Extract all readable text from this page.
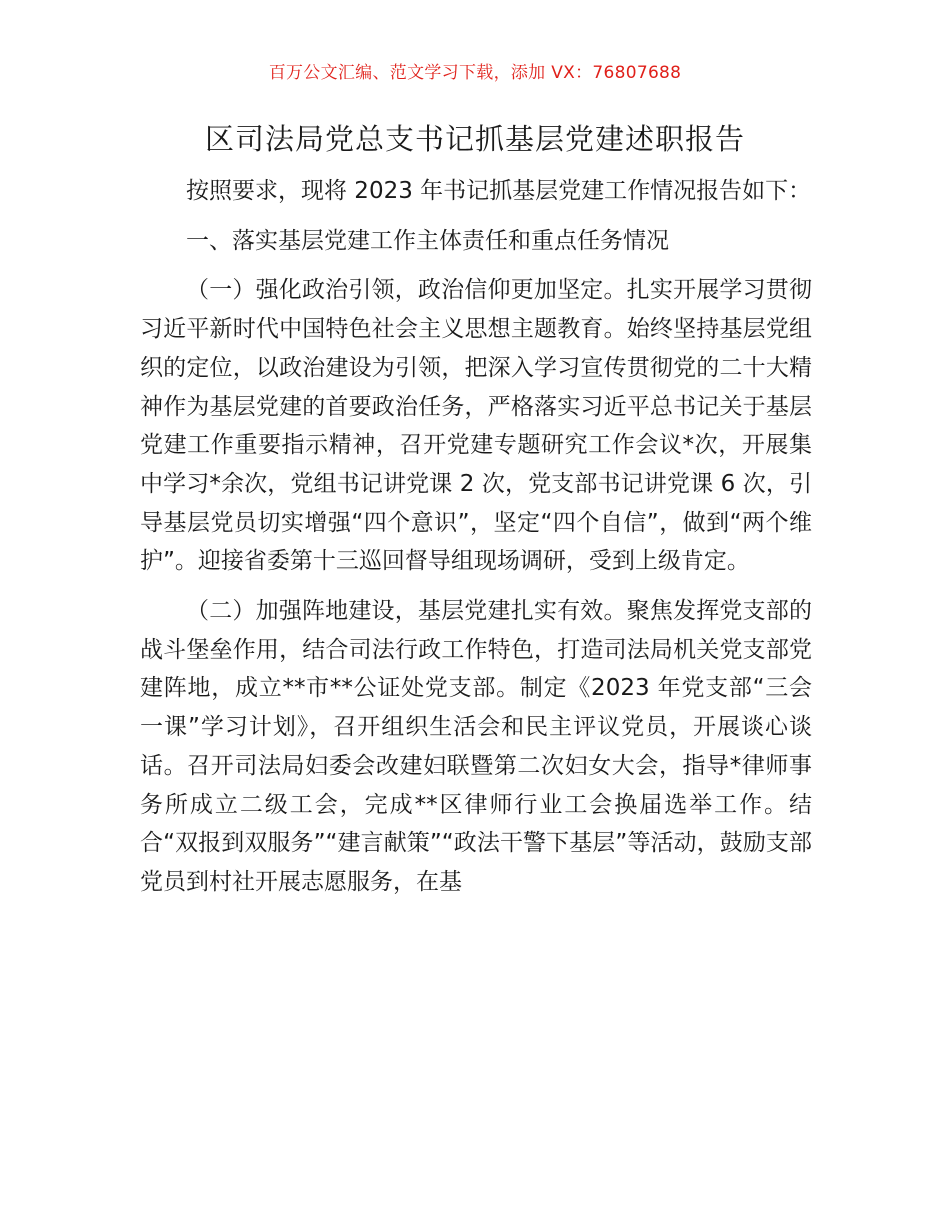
百万公文汇编、范文学习下载，添加 VX：76807688
区司法局党总支书记抓基层党建述职报告

按照要求，现将 2023 年书记抓基层党建工作情况报告如下：

一、落实基层党建工作主体责任和重点任务情况

（一）强化政治引领，政治信仰更加坚定。扎实开展学习贯彻习近平新时代中国特色社会主义思想主题教育。始终坚持基层党组织的定位，以政治建设为引领，把深入学习宣传贯彻党的二十大精神作为基层党建的首要政治任务，严格落实习近平总书记关于基层党建工作重要指示精神，召开党建专题研究工作会议*次，开展集中学习*余次，党组书记讲党课 2 次，党支部书记讲党课 6 次，引导基层党员切实增强“四个意识”，坚定“四个自信”，做到“两个维护”。迎接省委第十三巡回督导组现场调研，受到上级肯定。

（二）加强阵地建设，基层党建扎实有效。聚焦发挥党支部的战斗堡垒作用，结合司法行政工作特色，打造司法局机关党支部党建阵地，成立**市**公证处党支部。制定《2023 年党支部“三会一课”学习计划》，召开组织生活会和民主评议党员，开展谈心谈话。召开司法局妇委会改建妇联暨第二次妇女大会，指导*律师事务所成立二级工会，完成**区律师行业工会换届选举工作。结合“双报到双服务”“建言献策”“政法干警下基层”等活动，鼓励支部党员到村社开展志愿服务，在基
